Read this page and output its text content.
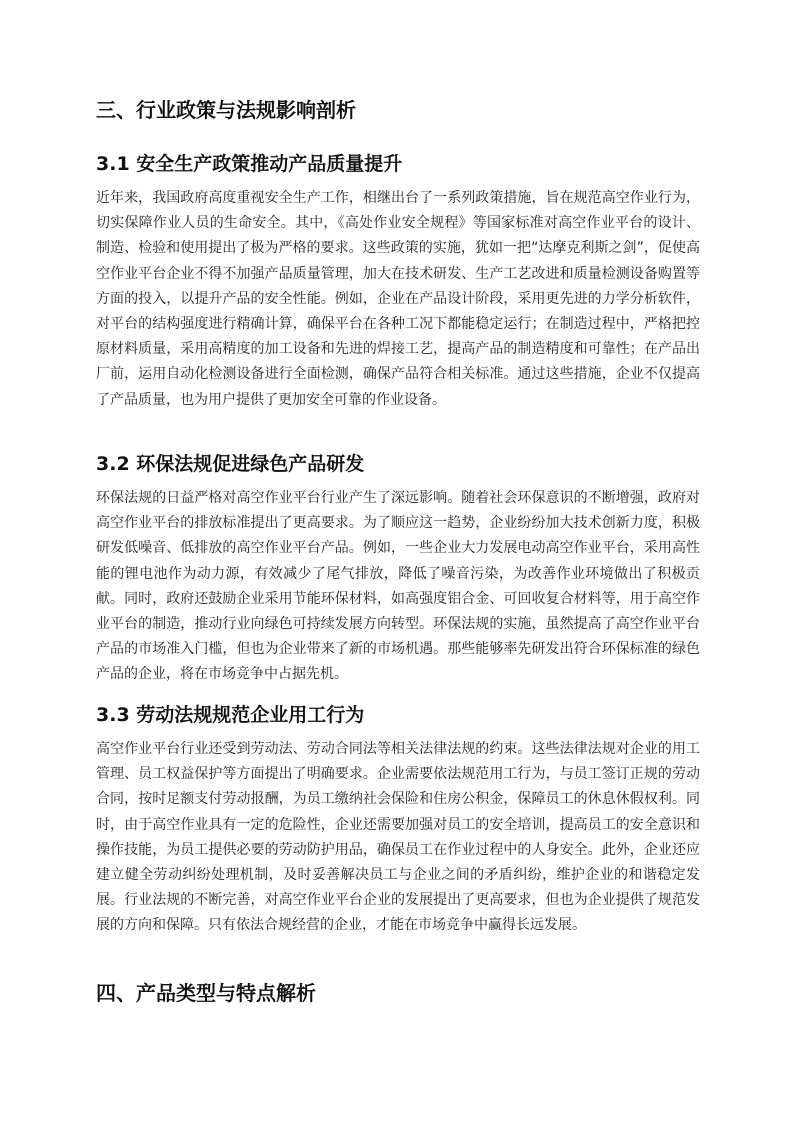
三、行业政策与法规影响剖析
3.1 安全生产政策推动产品质量提升

近年来，我国政府高度重视安全生产工作，相继出台了一系列政策措施，旨在规范高空作业行为，切实保障作业人员的生命安全。其中，《高处作业安全规程》等国家标准对高空作业平台的设计、制造、检验和使用提出了极为严格的要求。这些政策的实施，犹如一把“达摩克利斯之剑”，促使高空作业平台企业不得不加强产品质量管理，加大在技术研发、生产工艺改进和质量检测设备购置等方面的投入，以提升产品的安全性能。例如，企业在产品设计阶段，采用更先进的力学分析软件，对平台的结构强度进行精确计算，确保平台在各种工况下都能稳定运行；在制造过程中，严格把控原材料质量，采用高精度的加工设备和先进的焊接工艺，提高产品的制造精度和可靠性；在产品出厂前，运用自动化检测设备进行全面检测，确保产品符合相关标准。通过这些措施，企业不仅提高了产品质量，也为用户提供了更加安全可靠的作业设备。

3.2 环保法规促进绿色产品研发

环保法规的日益严格对高空作业平台行业产生了深远影响。随着社会环保意识的不断增强，政府对高空作业平台的排放标准提出了更高要求。为了顺应这一趋势，企业纷纷加大技术创新力度，积极研发低噪音、低排放的高空作业平台产品。例如，一些企业大力发展电动高空作业平台，采用高性能的锂电池作为动力源，有效减少了尾气排放，降低了噪音污染，为改善作业环境做出了积极贡献。同时，政府还鼓励企业采用节能环保材料，如高强度铝合金、可回收复合材料等，用于高空作业平台的制造，推动行业向绿色可持续发展方向转型。环保法规的实施，虽然提高了高空作业平台产品的市场准入门槛，但也为企业带来了新的市场机遇。那些能够率先研发出符合环保标准的绿色产品的企业，将在市场竞争中占据先机。

3.3 劳动法规规范企业用工行为

高空作业平台行业还受到劳动法、劳动合同法等相关法律法规的约束。这些法律法规对企业的用工管理、员工权益保护等方面提出了明确要求。企业需要依法规范用工行为，与员工签订正规的劳动合同，按时足额支付劳动报酬，为员工缴纳社会保险和住房公积金，保障员工的休息休假权利。同时，由于高空作业具有一定的危险性，企业还需要加强对员工的安全培训，提高员工的安全意识和操作技能，为员工提供必要的劳动防护用品，确保员工在作业过程中的人身安全。此外，企业还应建立健全劳动纠纷处理机制，及时妥善解决员工与企业之间的矛盾纠纷，维护企业的和谐稳定发展。行业法规的不断完善，对高空作业平台企业的发展提出了更高要求，但也为企业提供了规范发展的方向和保障。只有依法合规经营的企业，才能在市场竞争中赢得长远发展。

四、产品类型与特点解析
